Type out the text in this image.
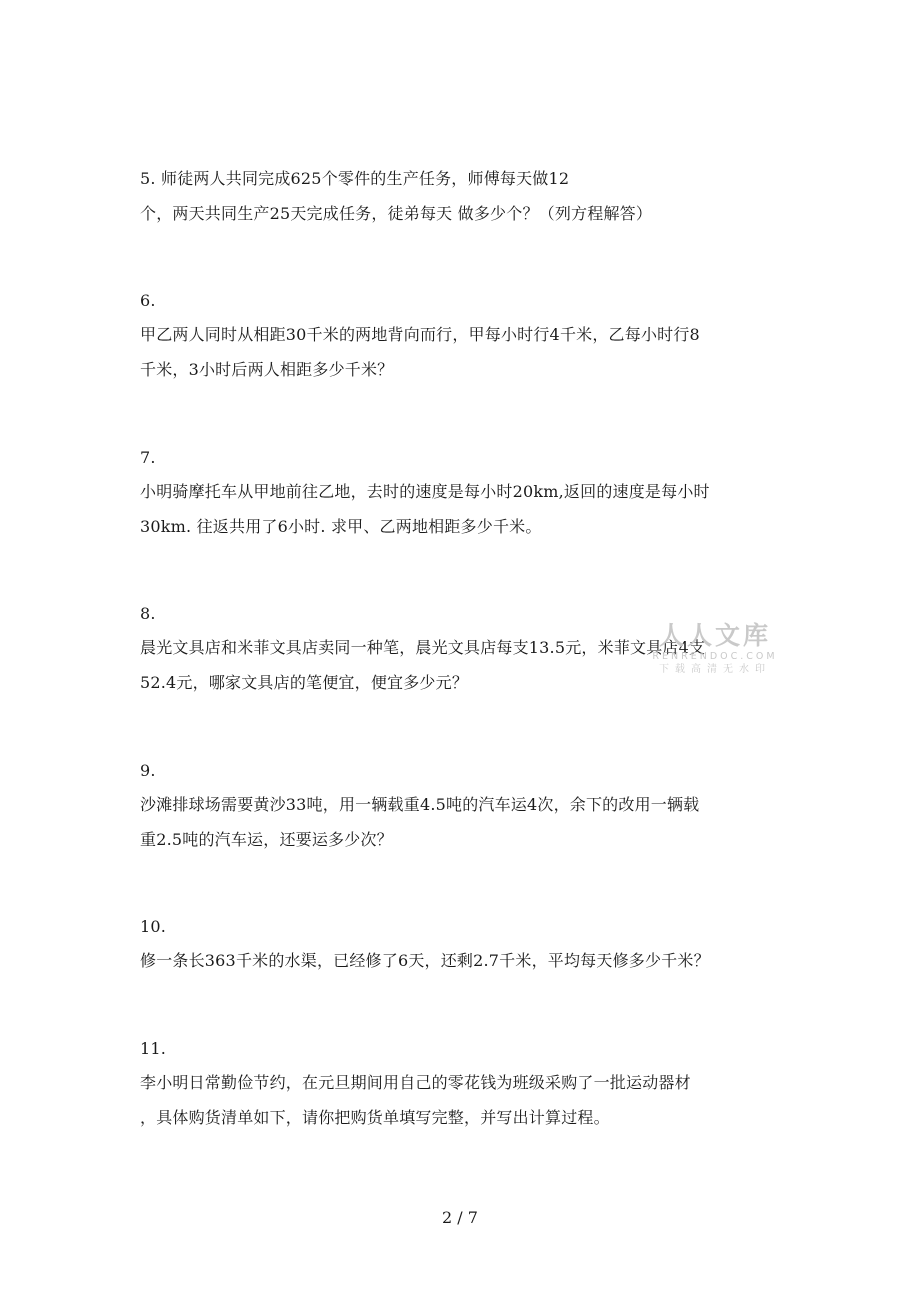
5. 师徒两人共同完成625个零件的生产任务，师傅每天做12
个，两天共同生产25天完成任务，徒弟每天 做多少个？（列方程解答）
6.
甲乙两人同时从相距30千米的两地背向而行，甲每小时行4千米，乙每小时行8
千米，3小时后两人相距多少千米？
7.
小明骑摩托车从甲地前往乙地，去时的速度是每小时20km,返回的速度是每小时
30km. 往返共用了6小时. 求甲、乙两地相距多少千米。
8.
晨光文具店和米菲文具店卖同一种笔，晨光文具店每支13.5元，米菲文具店4支
52.4元，哪家文具店的笔便宜，便宜多少元？
9.
沙滩排球场需要黄沙33吨，用一辆载重4.5吨的汽车运4次，余下的改用一辆载
重2.5吨的汽车运，还要运多少次？
10.
修一条长363千米的水渠，已经修了6天，还剩2.7千米，平均每天修多少千米？
11.
李小明日常勤俭节约，在元旦期间用自己的零花钱为班级采购了一批运动器材
，具体购货清单如下，请你把购货单填写完整，并写出计算过程。
人人文库
RENRENDOC.COM
下载高清无水印
2 / 7
